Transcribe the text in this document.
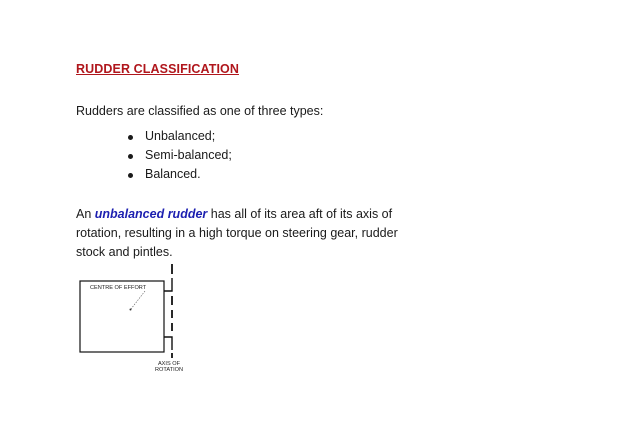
RUDDER CLASSIFICATION

Rudders are classified as one of three types:

Unbalanced;
Semi-balanced;
Balanced.

An unbalanced rudder has all of its area aft of its axis of rotation, resulting in a high torque on steering gear, rudder stock and pintles.

CENTRE OF EFFORT
AXIS OF
ROTATION
